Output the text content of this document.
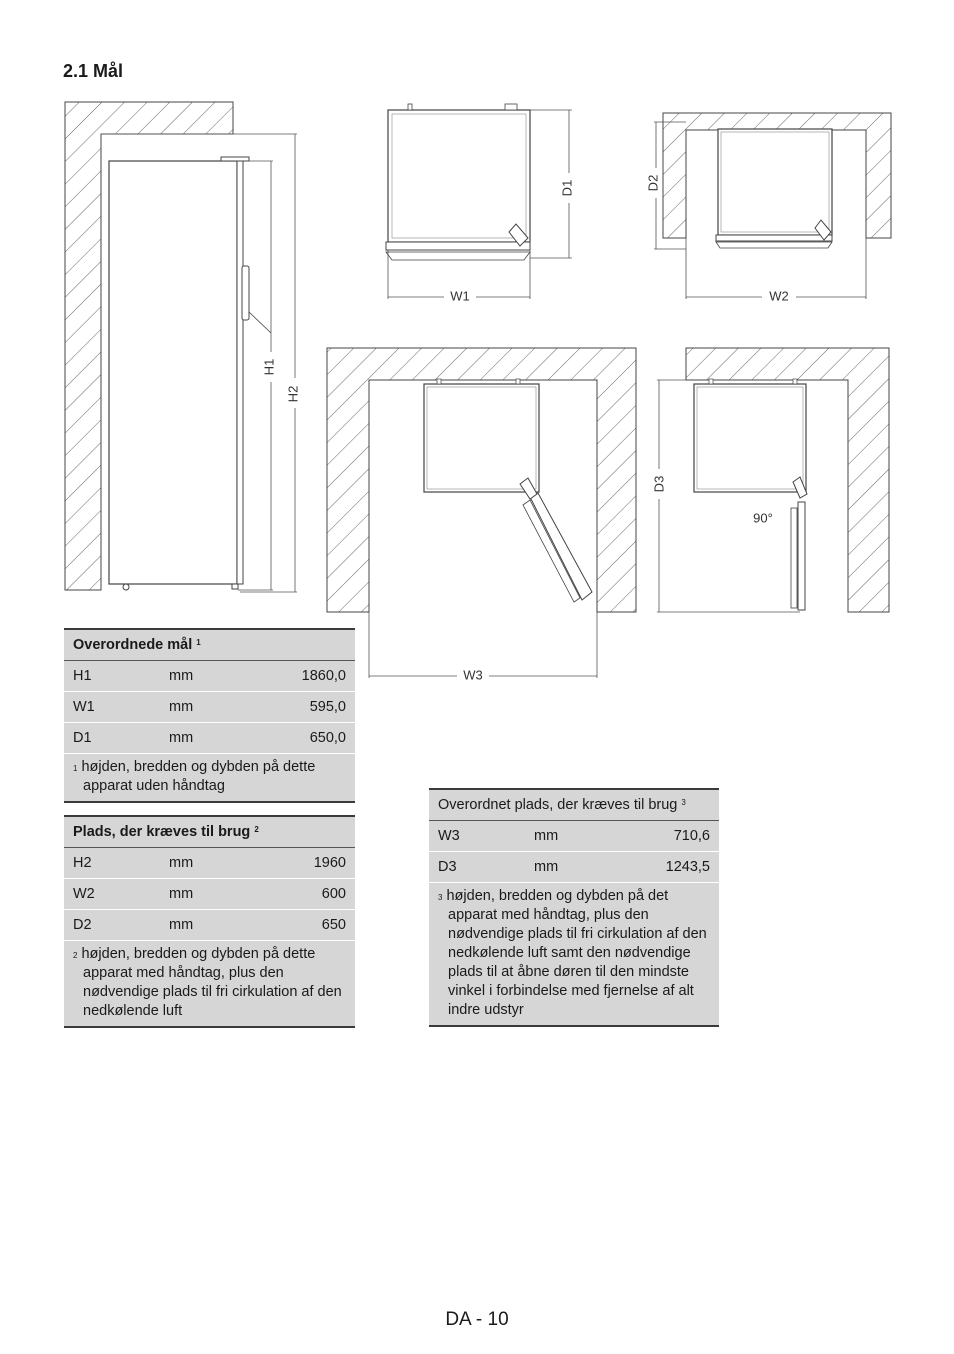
2.1 Mål
H1
H2
D1
W1
D2
W2
W3
90°
D3
Overordnede mål $^1$
H1	mm	1860,0
W1	mm	595,0
D1	mm	650,0

$^1$ højden, bredden og dybden på dette apparat uden håndtag		
Plads, der kræves til brug $^2$
H2	mm	1960
W2	mm	600
D2	mm	650

$^2$ højden, bredden og dybden på dette apparat med håndtag, plus den nødvendige plads til fri cirkulation af den nedkølende luft		
Overordnet plads, der kræves til brug $^3$
W3	mm	710,6
D3	mm	1243,5

$^3$ højden, bredden og dybden på det apparat med håndtag, plus den nødvendige plads til fri cirkulation af den nedkølende luft samt den nødvendige plads til at åbne døren til den mindste vinkel i forbindelse med fjernelse af alt indre udstyr		
DA - 10
